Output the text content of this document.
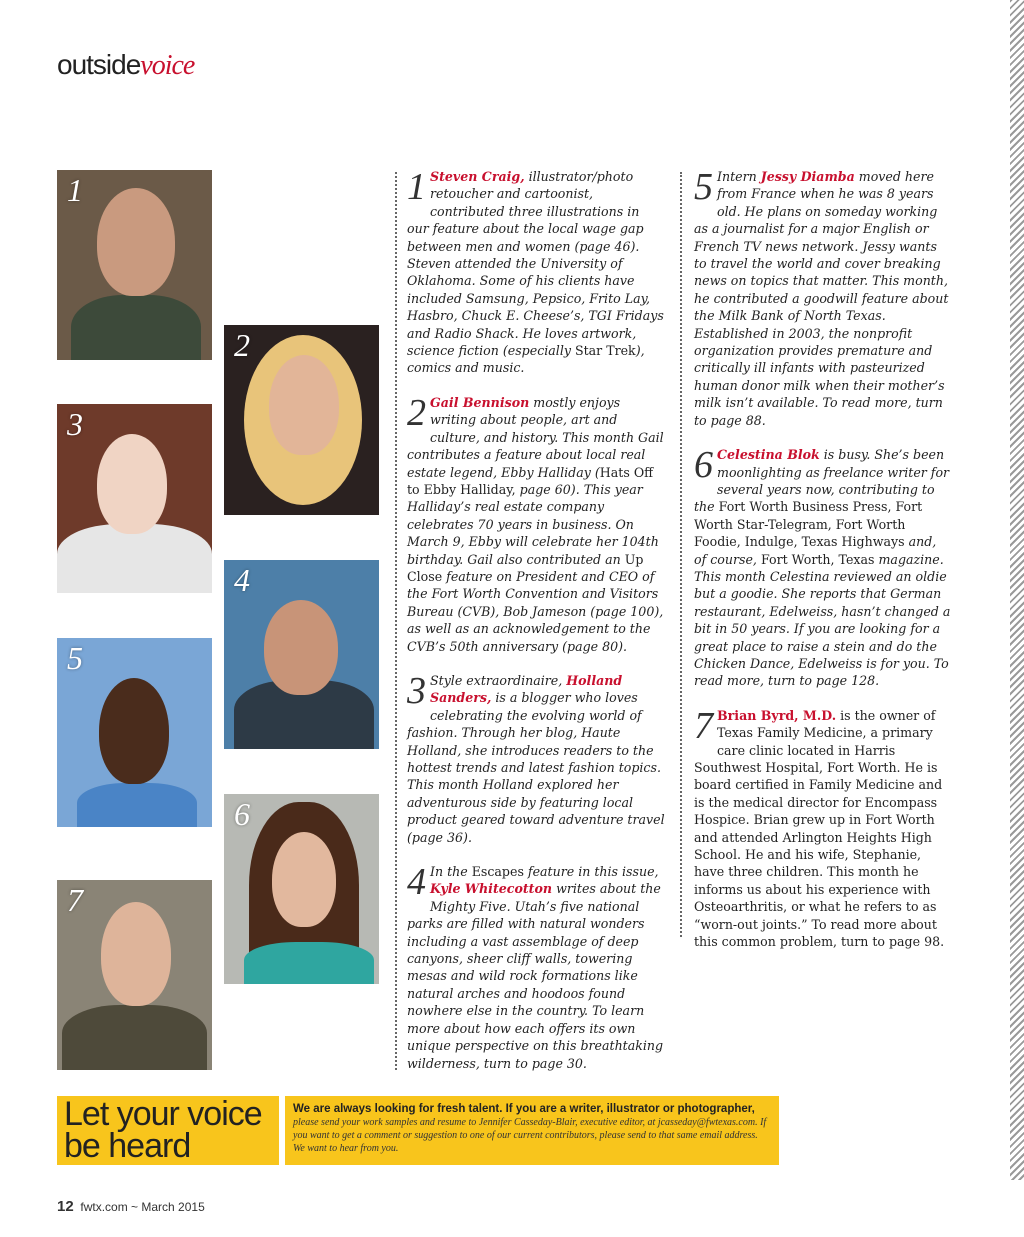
outsidevoice
1
2
3
4
5
6
7

1 Steven Craig, illustrator/photo retoucher and cartoonist, contributed three illustrations in our feature about the local wage gap between men and women (page 46). Steven attended the University of Oklahoma. Some of his clients have included Samsung, Pepsico, Frito Lay, Hasbro, Chuck E. Cheese’s, TGI Fridays and Radio Shack. He loves artwork, science fiction (especially Star Trek), comics and music.

2 Gail Bennison mostly enjoys writing about people, art and culture, and history. This month Gail contributes a feature about local real estate legend, Ebby Halliday (Hats Off to Ebby Halliday, page 60). This year Halliday’s real estate company celebrates 70 years in business. On March 9, Ebby will celebrate her 104th birthday. Gail also contributed an Up Close feature on President and CEO of the Fort Worth Convention and Visitors Bureau (CVB), Bob Jameson (page 100), as well as an acknowledgement to the CVB’s 50th anniversary (page 80).

3 Style extraordinaire, Holland Sanders, is a blogger who loves celebrating the evolving world of fashion. Through her blog, Haute Holland, she introduces readers to the hottest trends and latest fashion topics. This month Holland explored her adventurous side by featuring local product geared toward adventure travel (page 36).

4 In the Escapes feature in this issue, Kyle Whitecotton writes about the Mighty Five. Utah’s five national parks are filled with natural wonders including a vast assemblage of deep canyons, sheer cliff walls, towering mesas and wild rock formations like natural arches and hoodoos found nowhere else in the country. To learn more about how each offers its own unique perspective on this breathtaking wilderness, turn to page 30.

5 Intern Jessy Diamba moved here from France when he was 8 years old. He plans on someday working as a journalist for a major English or French TV news network. Jessy wants to travel the world and cover breaking news on topics that matter. This month, he contributed a goodwill feature about the Milk Bank of North Texas. Established in 2003, the nonprofit organization provides premature and critically ill infants with pasteurized human donor milk when their mother’s milk isn’t available. To read more, turn to page 88.

6 Celestina Blok is busy. She’s been moonlighting as freelance writer for several years now, contributing to the Fort Worth Business Press, Fort Worth Star-Telegram, Fort Worth Foodie, Indulge, Texas Highways and, of course, Fort Worth, Texas magazine. This month Celestina reviewed an oldie but a goodie. She reports that German restaurant, Edelweiss, hasn’t changed a bit in 50 years. If you are looking for a great place to raise a stein and do the Chicken Dance, Edelweiss is for you. To read more, turn to page 128.

7 Brian Byrd, M.D. is the owner of Texas Family Medicine, a primary care clinic located in Harris Southwest Hospital, Fort Worth. He is board certified in Family Medicine and is the medical director for Encompass Hospice. Brian grew up in Fort Worth and attended Arlington Heights High School. He and his wife, Stephanie, have three children. This month he informs us about his experience with Osteoarthritis, or what he refers to as “worn-out joints.” To read more about this common problem, turn to page 98.

Let your voice be heard
We are always looking for fresh talent. If you are a writer, illustrator or photographer, please send your work samples and resume to Jennifer Casseday-Blair, executive editor, at jcasseday@fwtexas.com. If you want to get a comment or suggestion to one of our current contributors, please send to that same email address. We want to hear from you.
12 fwtx.com ~ March 2015
